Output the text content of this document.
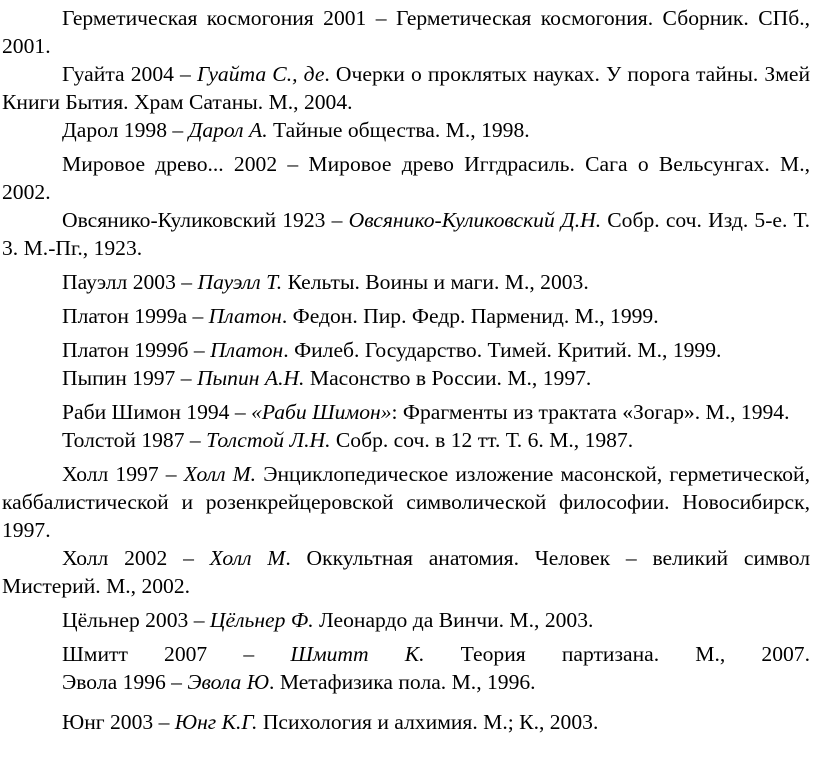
Герметическая космогония 2001 – Герметическая космогония. Сборник. СПб., 2001.

Гуайта 2004 – Гуайта С., де. Очерки о проклятых науках. У порога тайны. Змей Книги Бытия. Храм Сатаны. М., 2004.

Дарол 1998 – Дарол А. Тайные общества. М., 1998.

Мировое древо... 2002 – Мировое древо Иггдрасиль. Сага о Вельсунгах. М., 2002.

Овсянико-Куликовский 1923 – Овсянико-Куликовский Д.Н. Собр. соч. Изд. 5-е. Т. 3. М.-Пг., 1923.

Пауэлл 2003 – Пауэлл Т. Кельты. Воины и маги. М., 2003.

Платон 1999а – Платон. Федон. Пир. Федр. Парменид. М., 1999.

Платон 1999б – Платон. Филеб. Государство. Тимей. Критий. М., 1999.

Пыпин 1997 – Пыпин А.Н. Масонство в России. М., 1997.

Раби Шимон 1994 – «Раби Шимон»: Фрагменты из трактата «Зогар». М., 1994.

Толстой 1987 – Толстой Л.Н. Собр. соч. в 12 тт. Т. 6. М., 1987.

Холл 1997 – Холл М. Энциклопедическое изложение масонской, герметической, каббалистической и розенкрейцеровской символической философии. Новосибирск, 1997.

Холл 2002 – Холл М. Оккультная анатомия. Человек – великий символ Мистерий. М., 2002.

Цёльнер 2003 – Цёльнер Ф. Леонардо да Винчи. М., 2003.

Шмитт 2007 – Шмитт К. Теория партизана. М., 2007.

Эвола 1996 – Эвола Ю. Метафизика пола. М., 1996.

Юнг 2003 – Юнг К.Г. Психология и алхимия. М.; К., 2003.
